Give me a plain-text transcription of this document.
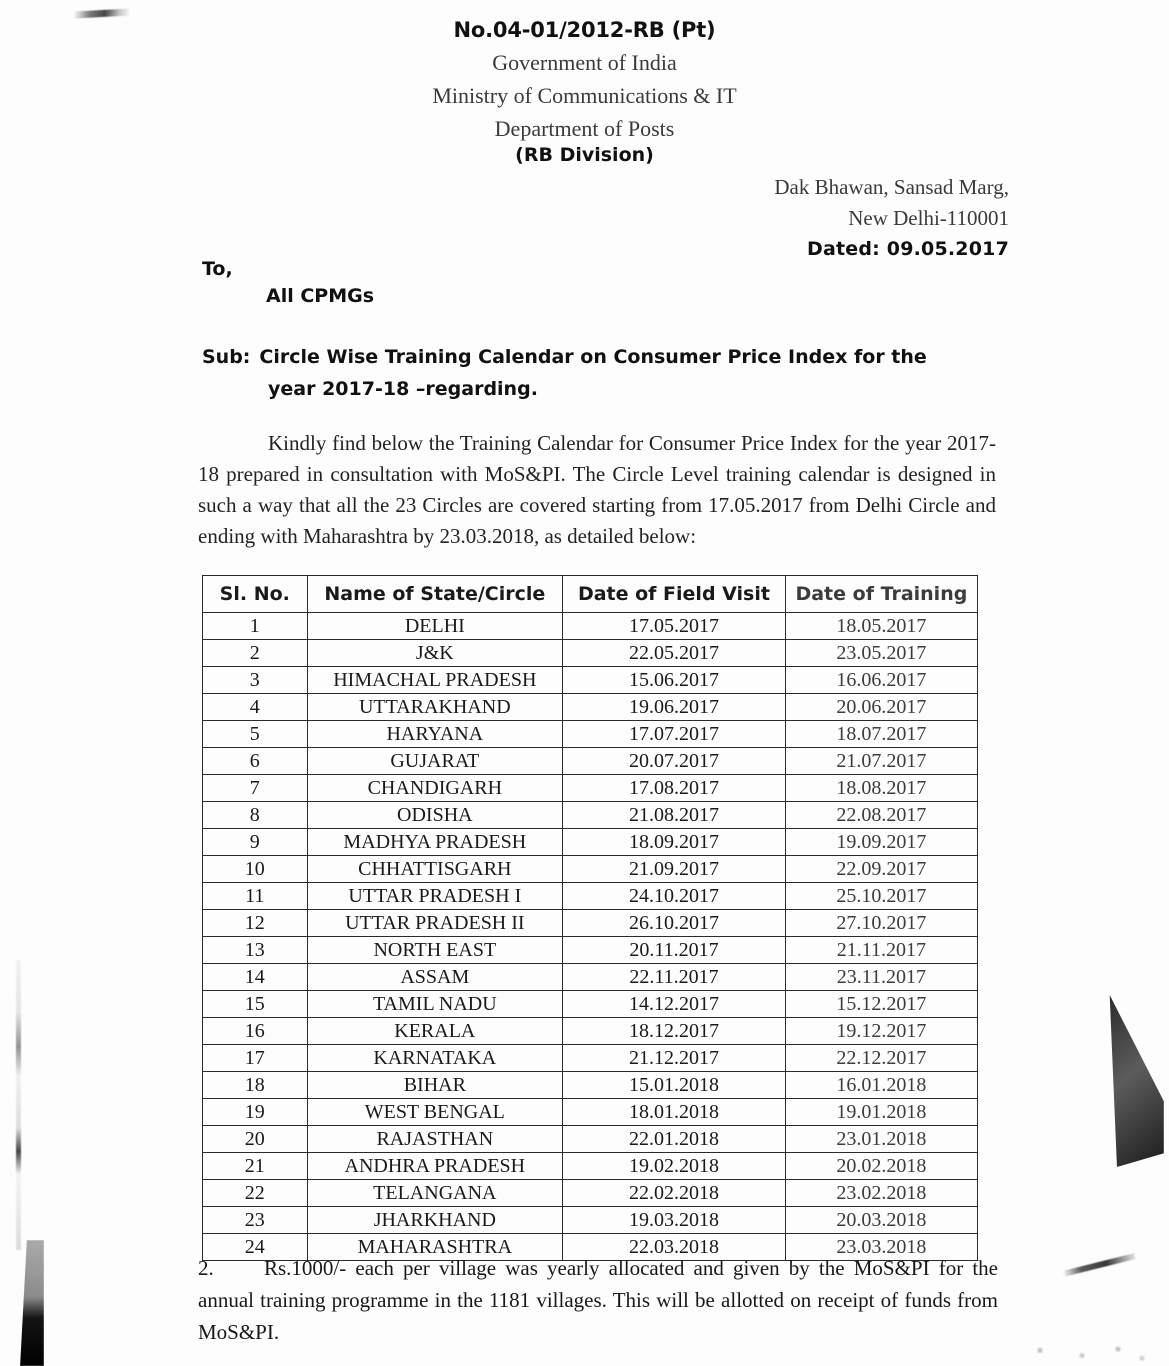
No.04-01/2012-RB (Pt)
Government of India
Ministry of Communications & IT
Department of Posts
(RB Division)
Dak Bhawan, Sansad Marg,
New Delhi-110001
Dated: 09.05.2017
To,
All CPMGs
Sub: Circle Wise Training Calendar on Consumer Price Index for the
year 2017-18 –regarding.
Kindly find below the Training Calendar for Consumer Price Index for the year 2017-18 prepared in consultation with MoS&PI. The Circle Level training calendar is designed in such a way that all the 23 Circles are covered starting from 17.05.2017 from Delhi Circle and ending with Maharashtra by 23.03.2018, as detailed below:
Sl. No.	Name of State/Circle	Date of Field Visit	Date of Training
1	DELHI	17.05.2017	18.05.2017
2	J&K	22.05.2017	23.05.2017
3	HIMACHAL PRADESH	15.06.2017	16.06.2017
4	UTTARAKHAND	19.06.2017	20.06.2017
5	HARYANA	17.07.2017	18.07.2017
6	GUJARAT	20.07.2017	21.07.2017
7	CHANDIGARH	17.08.2017	18.08.2017
8	ODISHA	21.08.2017	22.08.2017
9	MADHYA PRADESH	18.09.2017	19.09.2017
10	CHHATTISGARH	21.09.2017	22.09.2017
11	UTTAR PRADESH I	24.10.2017	25.10.2017
12	UTTAR PRADESH II	26.10.2017	27.10.2017
13	NORTH EAST	20.11.2017	21.11.2017
14	ASSAM	22.11.2017	23.11.2017
15	TAMIL NADU	14.12.2017	15.12.2017
16	KERALA	18.12.2017	19.12.2017
17	KARNATAKA	21.12.2017	22.12.2017
18	BIHAR	15.01.2018	16.01.2018
19	WEST BENGAL	18.01.2018	19.01.2018
20	RAJASTHAN	22.01.2018	23.01.2018
21	ANDHRA PRADESH	19.02.2018	20.02.2018
22	TELANGANA	22.02.2018	23.02.2018
23	JHARKHAND	19.03.2018	20.03.2018
24	MAHARASHTRA	22.03.2018	23.03.2018
2. Rs.1000/- each per village was yearly allocated and given by the MoS&PI for the annual training programme in the 1181 villages. This will be allotted on receipt of funds from MoS&PI.
